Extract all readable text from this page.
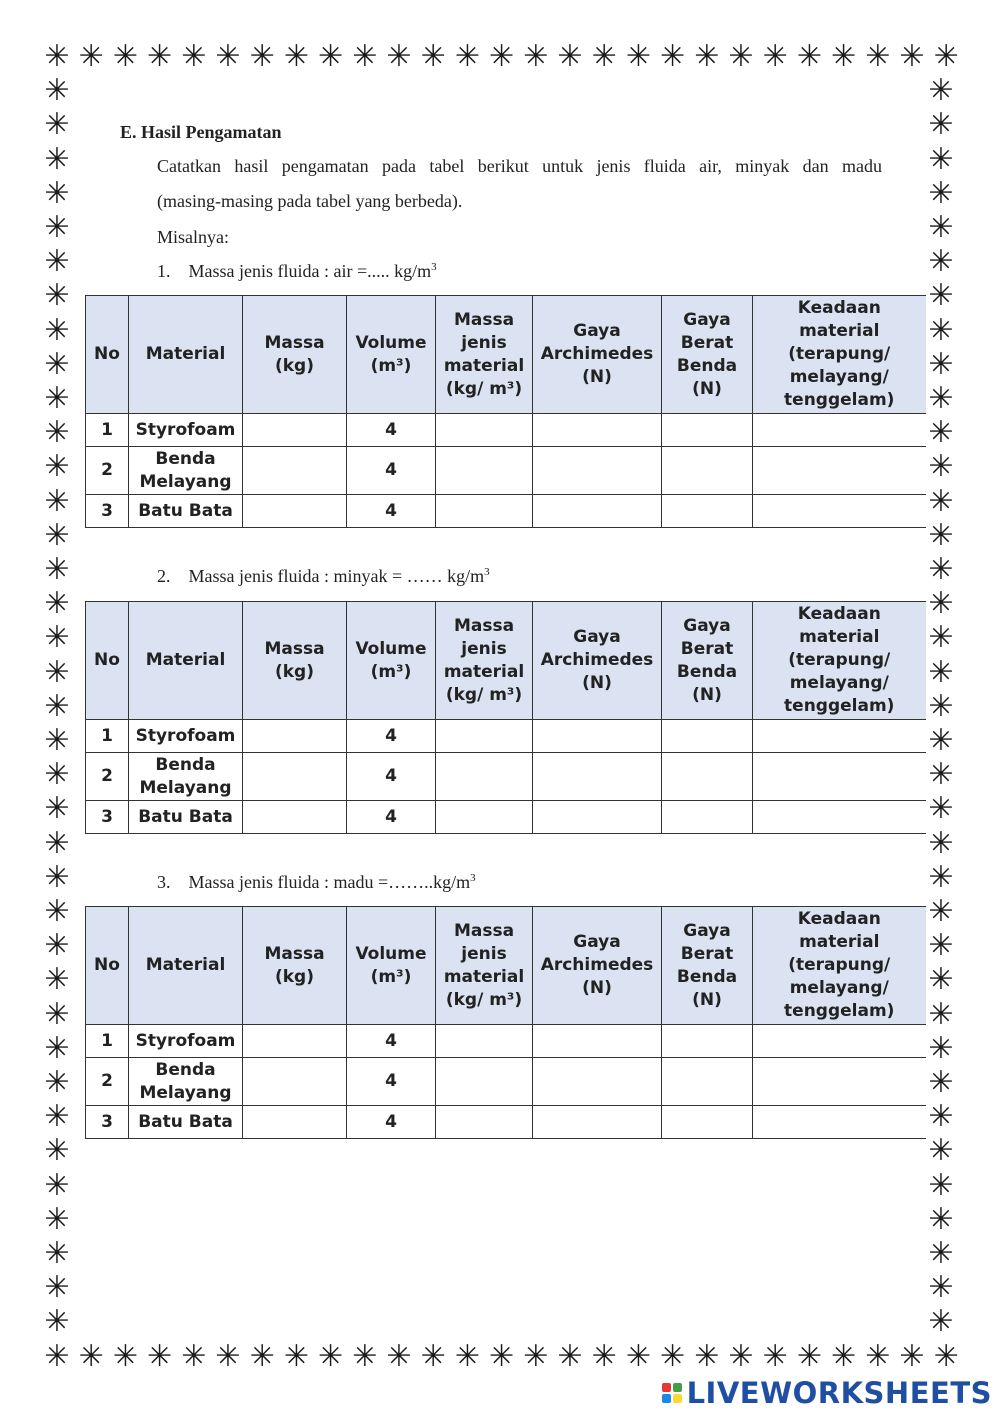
✳
✳
✳
✳
✳
✳
✳
✳
✳
✳
✳
✳
✳
✳
✳
✳
✳
✳
✳
✳
✳
✳
✳
✳
✳
✳
✳
✳
✳
✳
✳
✳
✳
✳
✳
✳
✳
✳
✳
✳
✳
✳
✳
✳
✳
✳
✳
✳
✳
✳
✳
✳
✳
✳
✳	✳
✳	✳
✳	✳
✳	✳
✳	✳
✳	✳
✳	✳
✳	✳
✳	✳
✳	✳
✳	✳
✳	✳
✳	✳
✳	✳
✳	✳
✳	✳
✳	✳
✳	✳
✳	✳
✳	✳
✳	✳
✳	✳
✳	✳
✳	✳
✳	✳
✳	✳
✳	✳
✳	✳
✳	✳
✳	✳
✳	✳
✳	✳
✳	✳
✳	✳
✳	✳
✳	✳
✳	✳
E. Hasil Pengamatan
Catatkan hasil pengamatan pada tabel berikut untuk jenis fluida air, minyak dan madu
(masing-masing pada tabel yang berbeda).
Misalnya:
1. Massa jenis fluida : air =..... $kg/m^3$
No	Material	Massa (kg)	Volume (m³)	Massa jenis material (kg/ m³)	Gaya Archimedes (N)	Gaya Berat Benda (N)	Keadaan material (terapung/ melayang/ tenggelam)
1	Styrofoam		4				
2	Benda Melayang		4				
3	Batu Bata		4				
2. Massa jenis fluida : minyak = …… $kg/m^3$
No	Material	Massa (kg)	Volume (m³)	Massa jenis material (kg/ m³)	Gaya Archimedes (N)	Gaya Berat Benda (N)	Keadaan material (terapung/ melayang/ tenggelam)
1	Styrofoam		4				
2	Benda Melayang		4				
3	Batu Bata		4				
3. Massa jenis fluida : madu $=\dots\dots..kg/m^3$
No	Material	Massa (kg)	Volume (m³)	Massa jenis material (kg/ m³)	Gaya Archimedes (N)	Gaya Berat Benda (N)	Keadaan material (terapung/ melayang/ tenggelam)
1	Styrofoam		4				
2	Benda Melayang		4				
3	Batu Bata		4				
LIVEWORKSHEETS
